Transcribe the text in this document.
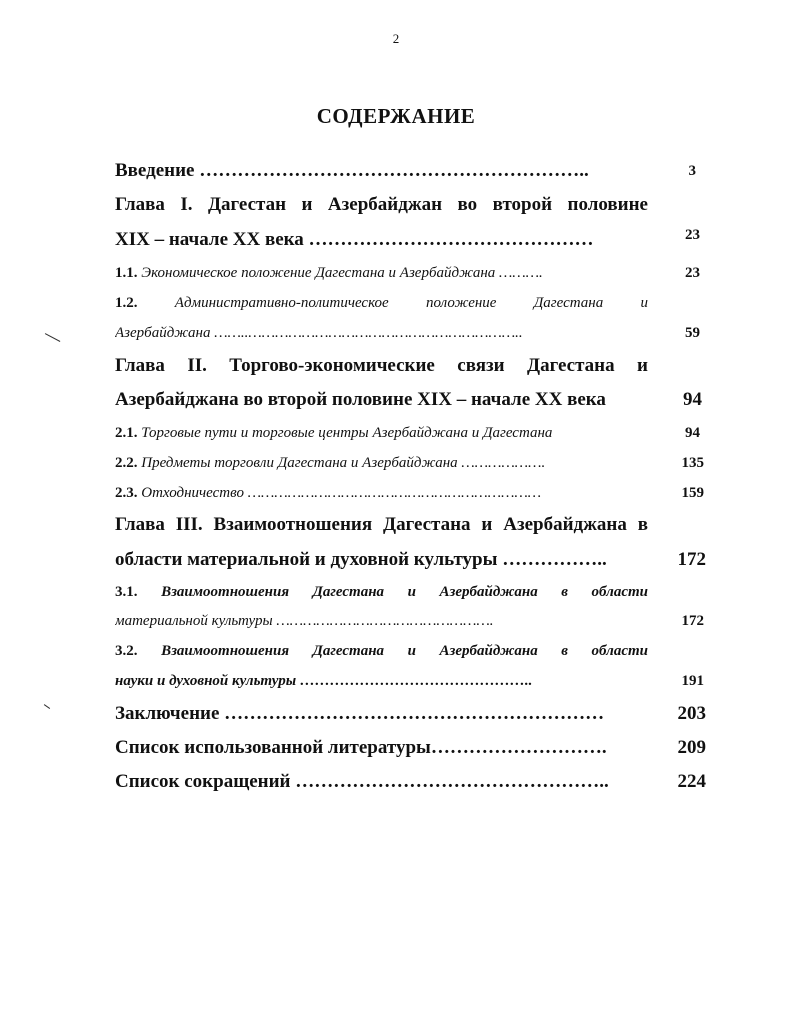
2
СОДЕРЖАНИЕ
Введение ……………………………………………………..	3
Глава I. Дагестан и Азербайджан во второй половине
XIX – начале XX века ………………………………………	23
1.1. Экономическое положение Дагестана и Азербайджана ……….	23
1.2. Административно-политическое положение Дагестана и
Азербайджана ……..……………………………………………………..	59
Глава II. Торгово-экономические связи Дагестана и
Азербайджана во второй половине XIX – начале XX века	94
2.1. Торговые пути и торговые центры Азербайджана и Дагестана	94
2.2. Предметы торговли Дагестана и Азербайджана ……………….	135
2.3. Отходничество …………………………………………………………	159
Глава III. Взаимоотношения Дагестана и Азербайджана в
области материальной и духовной культуры ……………..	172
3.1. Взаимоотношения Дагестана и Азербайджана в области
материальной культуры ………………………………………….	172
3.2. Взаимоотношения Дагестана и Азербайджана в области
науки и духовной культуры ………………………………………..	191
Заключение ……………………………………………………	203
Список использованной литературы……………………….	209
Список сокращений …………………………………………..	224
